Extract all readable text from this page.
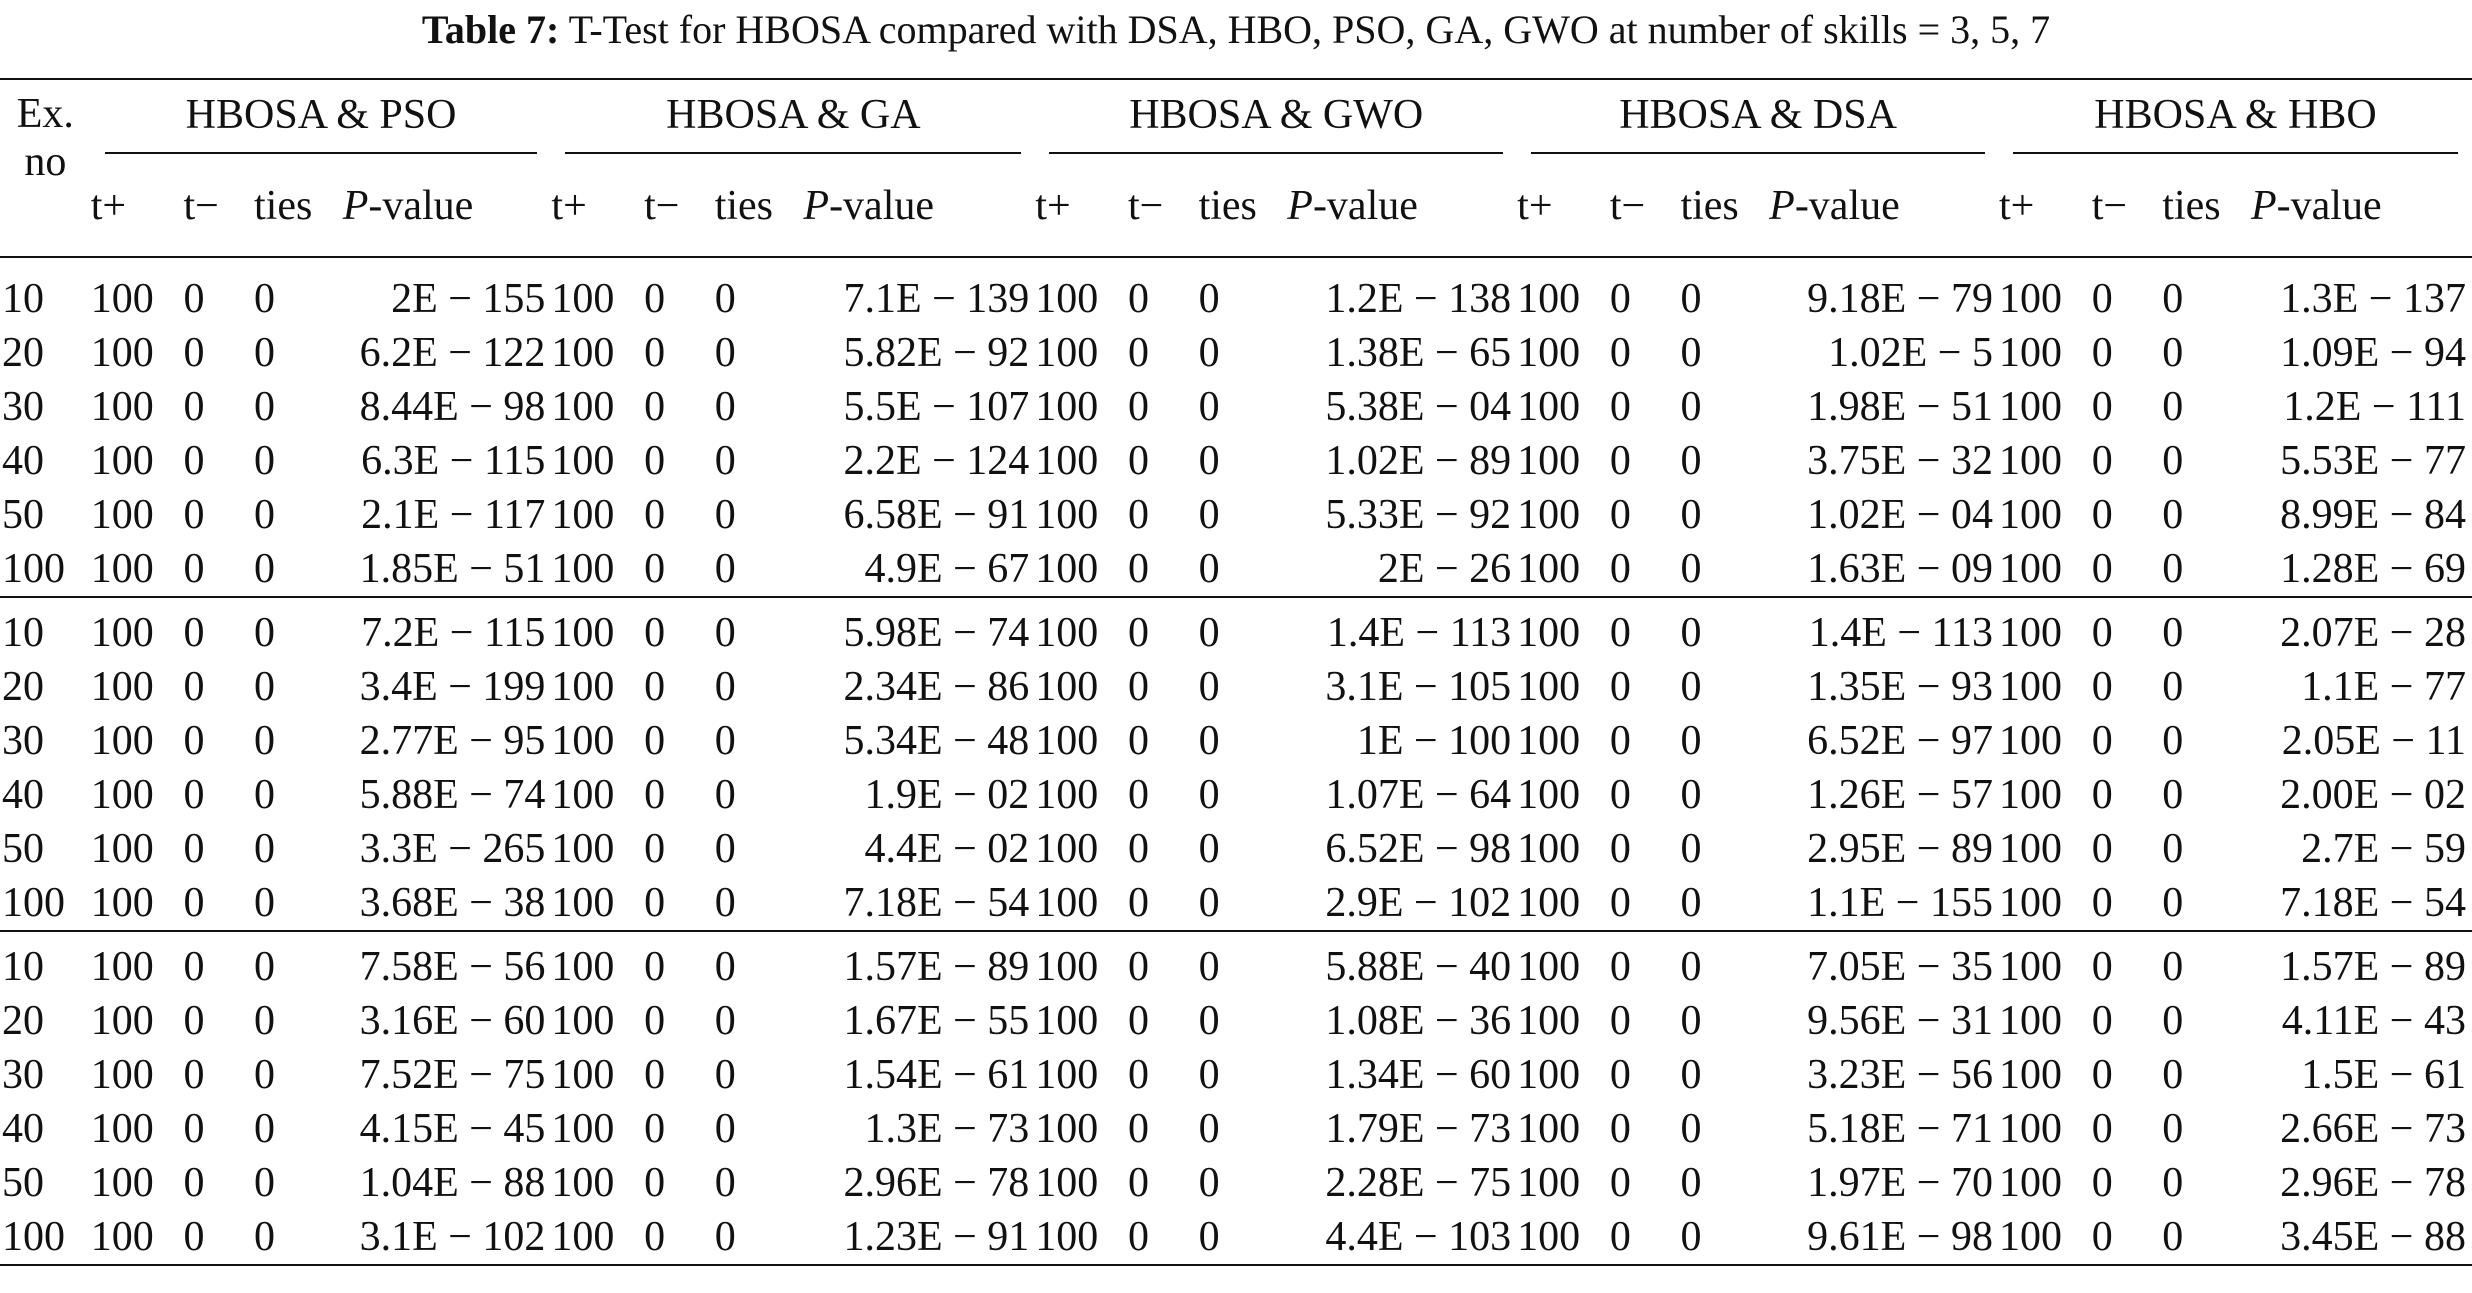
Table 7: T-Test for HBOSA compared with DSA, HBO, PSO, GA, GWO at number of skills = 3, 5, 7
Ex.
no	HBOSA & PSO				HBOSA & GA				HBOSA & GWO				HBOSA & DSA				HBOSA & HBO			

	t+	t−	ties	P-value	t+	t−	ties	P-value	t+	t−	ties	P-value	t+	t−	ties	P-value	t+	t−	ties	P-value

10	100	0	0	2E − 155	100	0	0	7.1E − 139	100	0	0	1.2E − 138	100	0	0	9.18E − 79	100	0	0	1.3E − 137
20	100	0	0	6.2E − 122	100	0	0	5.82E − 92	100	0	0	1.38E − 65	100	0	0	1.02E − 5	100	0	0	1.09E − 94
30	100	0	0	8.44E − 98	100	0	0	5.5E − 107	100	0	0	5.38E − 04	100	0	0	1.98E − 51	100	0	0	1.2E − 111
40	100	0	0	6.3E − 115	100	0	0	2.2E − 124	100	0	0	1.02E − 89	100	0	0	3.75E − 32	100	0	0	5.53E − 77
50	100	0	0	2.1E − 117	100	0	0	6.58E − 91	100	0	0	5.33E − 92	100	0	0	1.02E − 04	100	0	0	8.99E − 84
100	100	0	0	1.85E − 51	100	0	0	4.9E − 67	100	0	0	2E − 26	100	0	0	1.63E − 09	100	0	0	1.28E − 69

10	100	0	0	7.2E − 115	100	0	0	5.98E − 74	100	0	0	1.4E − 113	100	0	0	1.4E − 113	100	0	0	2.07E − 28
20	100	0	0	3.4E − 199	100	0	0	2.34E − 86	100	0	0	3.1E − 105	100	0	0	1.35E − 93	100	0	0	1.1E − 77
30	100	0	0	2.77E − 95	100	0	0	5.34E − 48	100	0	0	1E − 100	100	0	0	6.52E − 97	100	0	0	2.05E − 11
40	100	0	0	5.88E − 74	100	0	0	1.9E − 02	100	0	0	1.07E − 64	100	0	0	1.26E − 57	100	0	0	2.00E − 02
50	100	0	0	3.3E − 265	100	0	0	4.4E − 02	100	0	0	6.52E − 98	100	0	0	2.95E − 89	100	0	0	2.7E − 59
100	100	0	0	3.68E − 38	100	0	0	7.18E − 54	100	0	0	2.9E − 102	100	0	0	1.1E − 155	100	0	0	7.18E − 54

10	100	0	0	7.58E − 56	100	0	0	1.57E − 89	100	0	0	5.88E − 40	100	0	0	7.05E − 35	100	0	0	1.57E − 89
20	100	0	0	3.16E − 60	100	0	0	1.67E − 55	100	0	0	1.08E − 36	100	0	0	9.56E − 31	100	0	0	4.11E − 43
30	100	0	0	7.52E − 75	100	0	0	1.54E − 61	100	0	0	1.34E − 60	100	0	0	3.23E − 56	100	0	0	1.5E − 61
40	100	0	0	4.15E − 45	100	0	0	1.3E − 73	100	0	0	1.79E − 73	100	0	0	5.18E − 71	100	0	0	2.66E − 73
50	100	0	0	1.04E − 88	100	0	0	2.96E − 78	100	0	0	2.28E − 75	100	0	0	1.97E − 70	100	0	0	2.96E − 78
100	100	0	0	3.1E − 102	100	0	0	1.23E − 91	100	0	0	4.4E − 103	100	0	0	9.61E − 98	100	0	0	3.45E − 88
